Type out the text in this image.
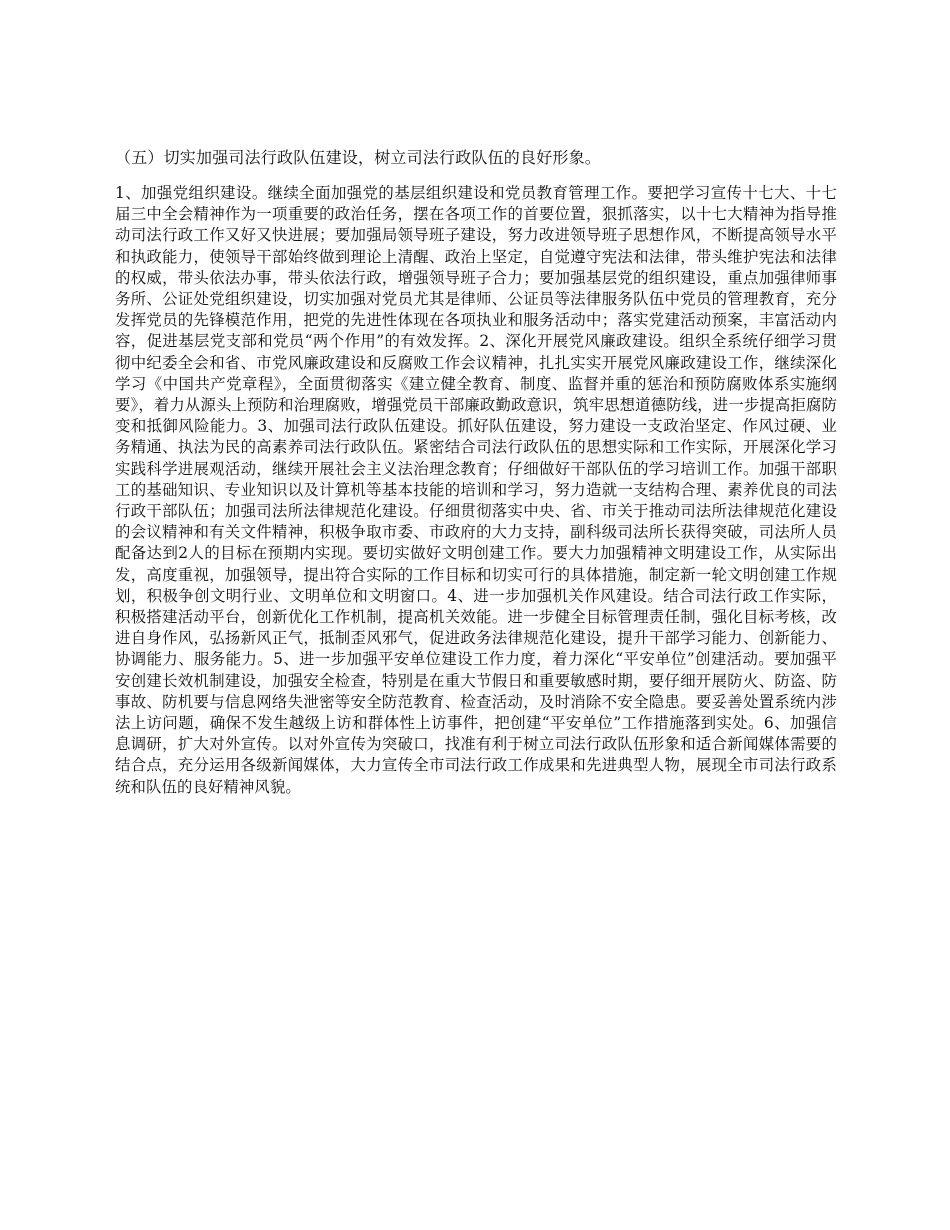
（五）切实加强司法行政队伍建设，树立司法行政队伍的良好形象。

1、加强党组织建设。继续全面加强党的基层组织建设和党员教育管理工作。要把学习宣传十七大、十七届三中全会精神作为一项重要的政治任务，摆在各项工作的首要位置，狠抓落实，以十七大精神为指导推动司法行政工作又好又快进展；要加强局领导班子建设，努力改进领导班子思想作风，不断提高领导水平和执政能力，使领导干部始终做到理论上清醒、政治上坚定，自觉遵守宪法和法律，带头维护宪法和法律的权威，带头依法办事，带头依法行政，增强领导班子合力；要加强基层党的组织建设，重点加强律师事务所、公证处党组织建设，切实加强对党员尤其是律师、公证员等法律服务队伍中党员的管理教育，充分发挥党员的先锋模范作用，把党的先进性体现在各项执业和服务活动中；落实党建活动预案，丰富活动内容，促进基层党支部和党员“两个作用”的有效发挥。2、深化开展党风廉政建设。组织全系统仔细学习贯彻中纪委全会和省、市党风廉政建设和反腐败工作会议精神，扎扎实实开展党风廉政建设工作，继续深化学习《中国共产党章程》，全面贯彻落实《建立健全教育、制度、监督并重的惩治和预防腐败体系实施纲要》，着力从源头上预防和治理腐败，增强党员干部廉政勤政意识，筑牢思想道德防线，进一步提高拒腐防变和抵御风险能力。3、加强司法行政队伍建设。抓好队伍建设，努力建设一支政治坚定、作风过硬、业务精通、执法为民的高素养司法行政队伍。紧密结合司法行政队伍的思想实际和工作实际，开展深化学习实践科学进展观活动，继续开展社会主义法治理念教育；仔细做好干部队伍的学习培训工作。加强干部职工的基础知识、专业知识以及计算机等基本技能的培训和学习，努力造就一支结构合理、素养优良的司法行政干部队伍；加强司法所法律规范化建设。仔细贯彻落实中央、省、市关于推动司法所法律规范化建设的会议精神和有关文件精神，积极争取市委、市政府的大力支持，副科级司法所长获得突破，司法所人员配备达到2人的目标在预期内实现。要切实做好文明创建工作。要大力加强精神文明建设工作，从实际出发，高度重视，加强领导，提出符合实际的工作目标和切实可行的具体措施，制定新一轮文明创建工作规划，积极争创文明行业、文明单位和文明窗口。4、进一步加强机关作风建设。结合司法行政工作实际，积极搭建活动平台，创新优化工作机制，提高机关效能。进一步健全目标管理责任制，强化目标考核，改进自身作风，弘扬新风正气，抵制歪风邪气，促进政务法律规范化建设，提升干部学习能力、创新能力、协调能力、服务能力。5、进一步加强平安单位建设工作力度，着力深化“平安单位”创建活动。要加强平安创建长效机制建设，加强安全检查，特别是在重大节假日和重要敏感时期，要仔细开展防火、防盗、防事故、防机要与信息网络失泄密等安全防范教育、检查活动，及时消除不安全隐患。要妥善处置系统内涉法上访问题，确保不发生越级上访和群体性上访事件，把创建“平安单位”工作措施落到实处。6、加强信息调研，扩大对外宣传。以对外宣传为突破口，找准有利于树立司法行政队伍形象和适合新闻媒体需要的结合点，充分运用各级新闻媒体，大力宣传全市司法行政工作成果和先进典型人物，展现全市司法行政系统和队伍的良好精神风貌。
